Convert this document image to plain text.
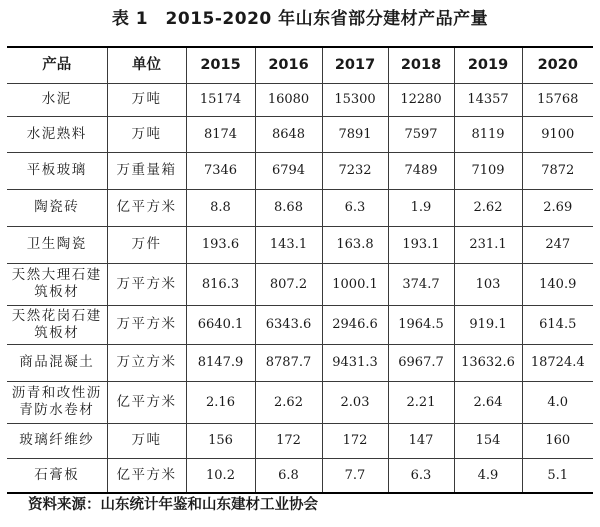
表 1　2015-2020 年山东省部分建材产品产量
产品	单位	2015	2016	2017	2018	2019	2020
水泥	万吨	15174	16080	15300	12280	14357	15768
水泥熟料	万吨	8174	8648	7891	7597	8119	9100
平板玻璃	万重量箱	7346	6794	7232	7489	7109	7872
陶瓷砖	亿平方米	8.8	8.68	6.3	1.9	2.62	2.69
卫生陶瓷	万件	193.6	143.1	163.8	193.1	231.1	247
天然大理石建筑板材	万平方米	816.3	807.2	1000.1	374.7	103	140.9
天然花岗石建筑板材	万平方米	6640.1	6343.6	2946.6	1964.5	919.1	614.5
商品混凝土	万立方米	8147.9	8787.7	9431.3	6967.7	13632.6	18724.4
沥青和改性沥青防水卷材	亿平方米	2.16	2.62	2.03	2.21	2.64	4.0
玻璃纤维纱	万吨	156	172	172	147	154	160
石膏板	亿平方米	10.2	6.8	7.7	6.3	4.9	5.1
资料来源：山东统计年鉴和山东建材工业协会
